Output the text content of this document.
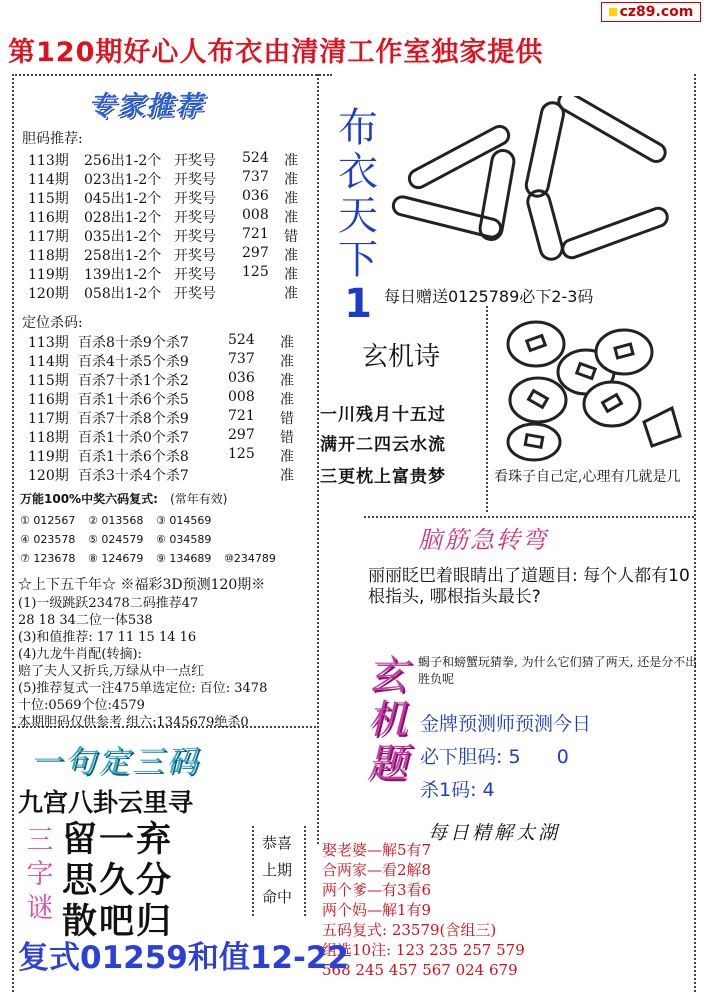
cz89.com
第120期好心人布衣由清清工作室独家提供
专家推荐
胆码推荐:
113期 256出1-2个 开奖号 524 准
114期 023出1-2个 开奖号 737 准
115期 045出1-2个 开奖号 036 准
116期 028出1-2个 开奖号 008 准
117期 035出1-2个 开奖号 721 错
118期 258出1-2个 开奖号 297 准
119期 139出1-2个 开奖号 125 准
120期 058出1-2个 开奖号	准
定位杀码:
113期 百杀8十杀9个杀7	524 准
114期 百杀4十杀5个杀9	737 准
115期 百杀7十杀1个杀2	036 准
116期 百杀1十杀6个杀5	008 准
117期 百杀7十杀8个杀9	721 错
118期 百杀1十杀0个杀7	297 错
119期 百杀1十杀6个杀8	125 准
120期 百杀3十杀4个杀7	准
万能100%中奖六码复式: (常年有效)
① 012567 ② 013568 ③ 014569
④ 023578 ⑤ 024579 ⑥ 034589
⑦ 123678 ⑧ 124679 ⑨ 134689 ⑩234789
☆上下五千年☆ ※福彩3D预测120期※
(1)一级跳跃23478二码推荐47
28 18 34二位一体538
(3)和值推荐: 17 11 15 14 16
(4)九龙牛肖配(转摘):
赔了夫人又折兵,万绿从中一点红
(5)推荐复式一注475单选定位: 百位: 3478
十位:0569个位:4579
本期胆码仅供参考 组六:1345679绝杀0
布
衣
天
下
1 每日赠送0125789必下2-3码
玄机诗
一川残月十五过
满开二四云水流
三更枕上富贵梦	看珠子自己定,心理有几就是几
脑筋急转弯
丽丽眨巴着眼睛出了道题目: 每个人都有10根指头, 哪根指头最长?
玄
机
题
蝎子和螃蟹玩猜拳, 为什么它们猜了两天, 还是分不出胜负呢
金牌预测师预测今日
必下胆码: 5      0
杀1码: 4
每日精解太湖
娶老婆—解5有7
合两家—看2解8
两个爹—有3看6
两个妈—解1有9
五码复式: 23579(含组三)
组选10注: 123 235 257 579
568 245 457 567 024 679
一句定三码
九宫八卦云里寻
三
字
谜
留一弃
思久分
散吧归
恭喜
上期
命中
复式01259和值12-22
